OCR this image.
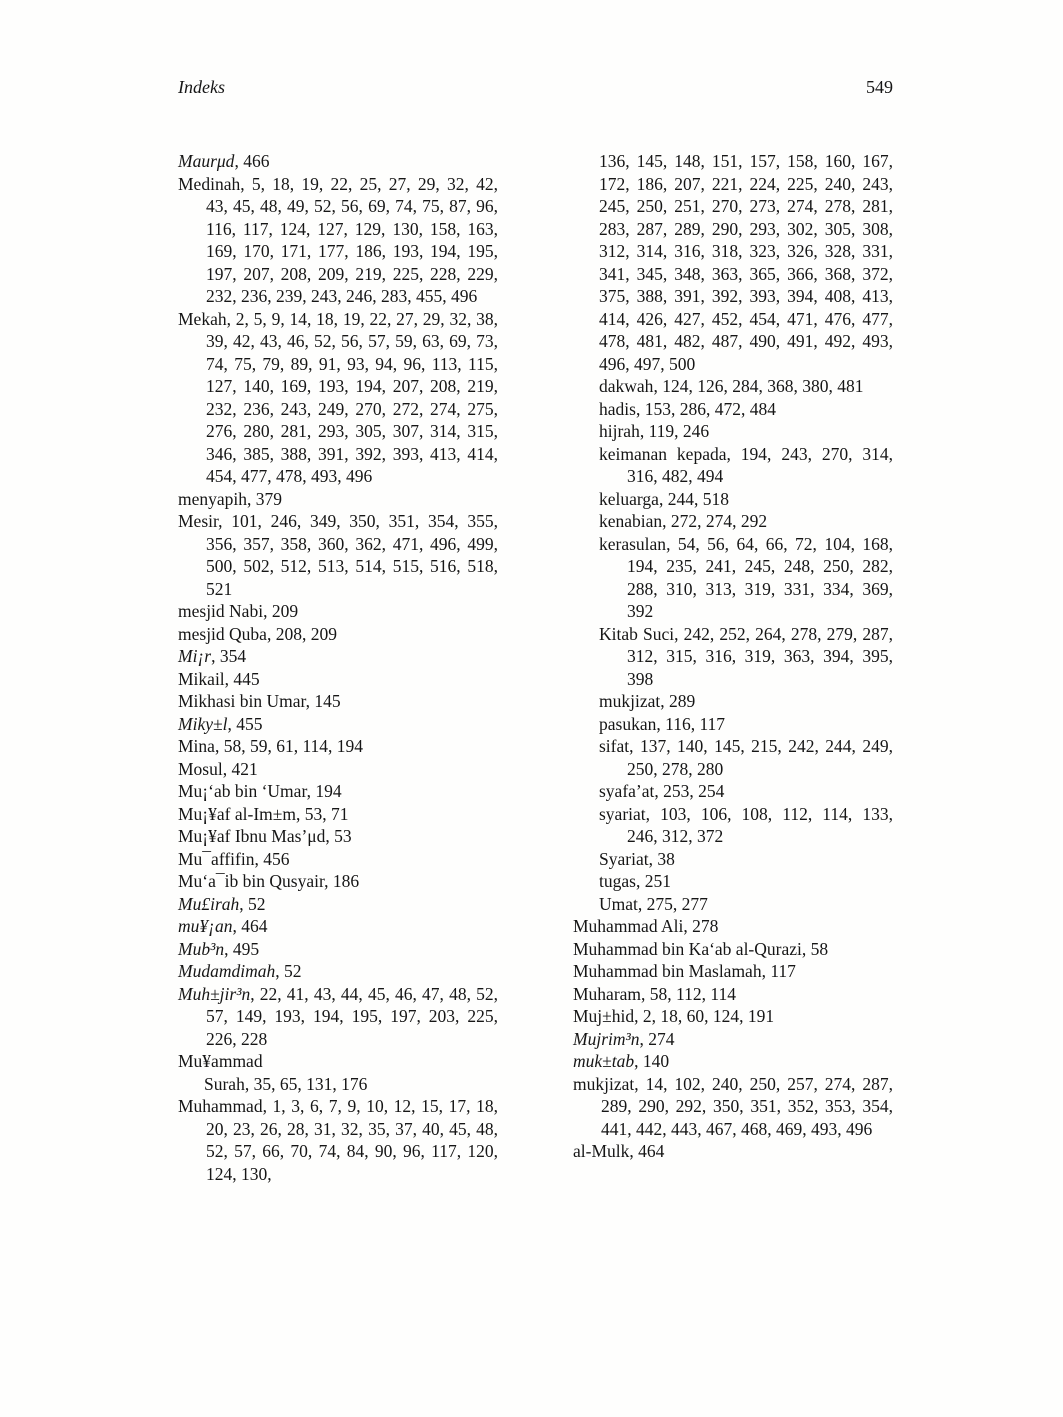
Indeks	549

Maurμd, 466

Medinah, 5, 18, 19, 22, 25, 27, 29, 32, 42, 43, 45, 48, 49, 52, 56, 69, 74, 75, 87, 96, 116, 117, 124, 127, 129, 130, 158, 163, 169, 170, 171, 177, 186, 193, 194, 195, 197, 207, 208, 209, 219, 225, 228, 229, 232, 236, 239, 243, 246, 283, 455, 496

Mekah, 2, 5, 9, 14, 18, 19, 22, 27, 29, 32, 38, 39, 42, 43, 46, 52, 56, 57, 59, 63, 69, 73, 74, 75, 79, 89, 91, 93, 94, 96, 113, 115, 127, 140, 169, 193, 194, 207, 208, 219, 232, 236, 243, 249, 270, 272, 274, 275, 276, 280, 281, 293, 305, 307, 314, 315, 346, 385, 388, 391, 392, 393, 413, 414, 454, 477, 478, 493, 496

menyapih, 379

Mesir, 101, 246, 349, 350, 351, 354, 355, 356, 357, 358, 360, 362, 471, 496, 499, 500, 502, 512, 513, 514, 515, 516, 518, 521

mesjid Nabi, 209

mesjid Quba, 208, 209

Mi¡r, 354

Mikail, 445

Mikhasi bin Umar, 145

Miky±l, 455

Mina, 58, 59, 61, 114, 194

Mosul, 421

Mu¡‘ab bin ‘Umar, 194

Mu¡¥af al-Im±m, 53, 71

Mu¡¥af Ibnu Mas’μd, 53

Mu¯affifin, 456

Mu‘a¯ib bin Qusyair, 186

Mu£irah, 52

mu¥¡an, 464

Mub³n, 495

Mudamdimah, 52

Muh±jir³n, 22, 41, 43, 44, 45, 46, 47, 48, 52, 57, 149, 193, 194, 195, 197, 203, 225, 226, 228

Mu¥ammad

Surah, 35, 65, 131, 176

Muhammad, 1, 3, 6, 7, 9, 10, 12, 15, 17, 18, 20, 23, 26, 28, 31, 32, 35, 37, 40, 45, 48, 52, 57, 66, 70, 74, 84, 90, 96, 117, 120, 124, 130,

136, 145, 148, 151, 157, 158, 160, 167, 172, 186, 207, 221, 224, 225, 240, 243, 245, 250, 251, 270, 273, 274, 278, 281, 283, 287, 289, 290, 293, 302, 305, 308, 312, 314, 316, 318, 323, 326, 328, 331, 341, 345, 348, 363, 365, 366, 368, 372, 375, 388, 391, 392, 393, 394, 408, 413, 414, 426, 427, 452, 454, 471, 476, 477, 478, 481, 482, 487, 490, 491, 492, 493, 496, 497, 500

dakwah, 124, 126, 284, 368, 380, 481

hadis, 153, 286, 472, 484

hijrah, 119, 246

keimanan kepada, 194, 243, 270, 314, 316, 482, 494

keluarga, 244, 518

kenabian, 272, 274, 292

kerasulan, 54, 56, 64, 66, 72, 104, 168, 194, 235, 241, 245, 248, 250, 282, 288, 310, 313, 319, 331, 334, 369, 392

Kitab Suci, 242, 252, 264, 278, 279, 287, 312, 315, 316, 319, 363, 394, 395, 398

mukjizat, 289

pasukan, 116, 117

sifat, 137, 140, 145, 215, 242, 244, 249, 250, 278, 280

syafa’at, 253, 254

syariat, 103, 106, 108, 112, 114, 133, 246, 312, 372

Syariat, 38

tugas, 251

Umat, 275, 277

Muhammad Ali, 278

Muhammad bin Ka‘ab al-Qurazi, 58

Muhammad bin Maslamah, 117

Muharam, 58, 112, 114

Muj±hid, 2, 18, 60, 124, 191

Mujrim³n, 274

muk±tab, 140

mukjizat, 14, 102, 240, 250, 257, 274, 287, 289, 290, 292, 350, 351, 352, 353, 354, 441, 442, 443, 467, 468, 469, 493, 496

al-Mulk, 464
